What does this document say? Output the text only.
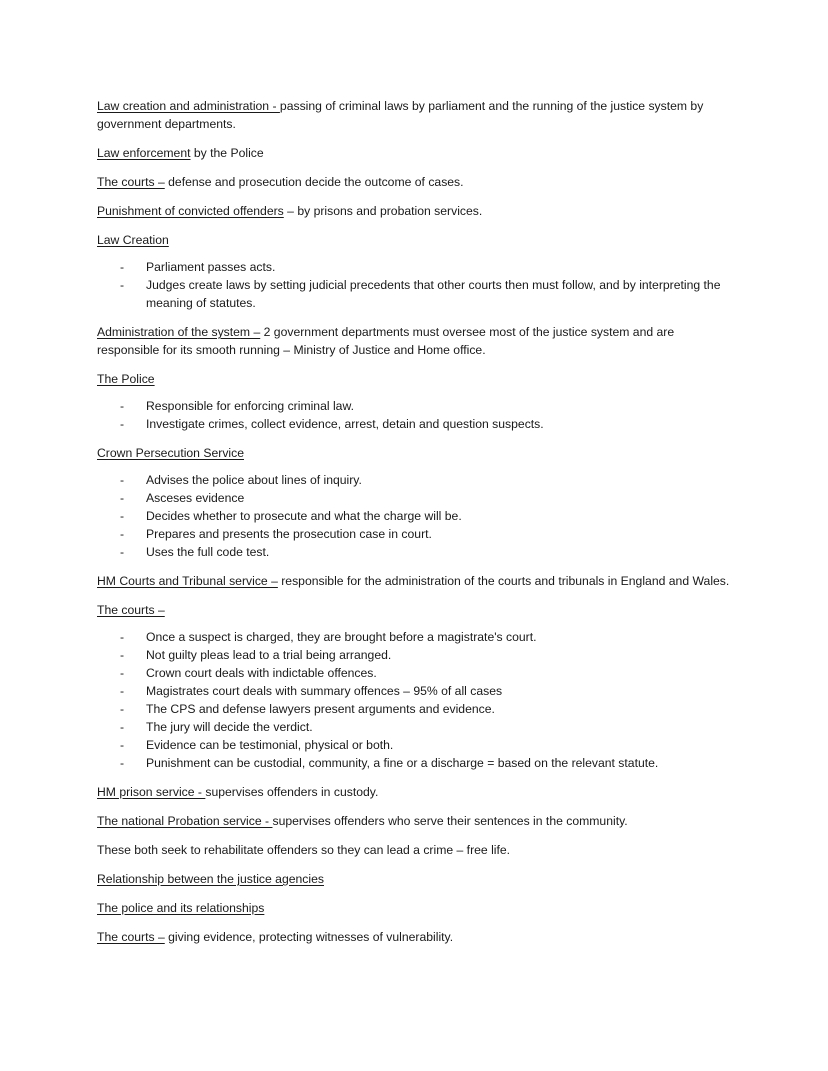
Law creation and administration - passing of criminal laws by parliament and the running of the justice system by government departments.

Law enforcement by the Police

The courts – defense and prosecution decide the outcome of cases.

Punishment of convicted offenders – by prisons and probation services.

Law Creation

- Parliament passes acts.
- Judges create laws by setting judicial precedents that other courts then must follow, and by interpreting the meaning of statutes.

Administration of the system – 2 government departments must oversee most of the justice system and are responsible for its smooth running – Ministry of Justice and Home office.

The Police

- Responsible for enforcing criminal law.
- Investigate crimes, collect evidence, arrest, detain and question suspects.

Crown Persecution Service

- Advises the police about lines of inquiry.
- Asceses evidence
- Decides whether to prosecute and what the charge will be.
- Prepares and presents the prosecution case in court.
- Uses the full code test.

HM Courts and Tribunal service – responsible for the administration of the courts and tribunals in England and Wales.

The courts –

- Once a suspect is charged, they are brought before a magistrate's court.
- Not guilty pleas lead to a trial being arranged.
- Crown court deals with indictable offences.
- Magistrates court deals with summary offences – 95% of all cases
- The CPS and defense lawyers present arguments and evidence.
- The jury will decide the verdict.
- Evidence can be testimonial, physical or both.
- Punishment can be custodial, community, a fine or a discharge = based on the relevant statute.

HM prison service - supervises offenders in custody.

The national Probation service - supervises offenders who serve their sentences in the community.

These both seek to rehabilitate offenders so they can lead a crime – free life.

Relationship between the justice agencies

The police and its relationships

The courts – giving evidence, protecting witnesses of vulnerability.
